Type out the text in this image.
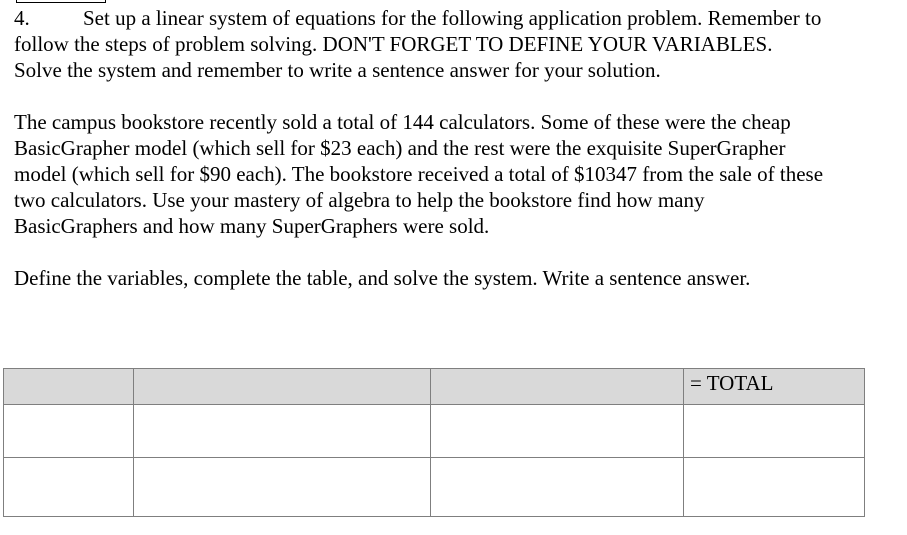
4.	Set up a linear system of equations for the following application problem. Remember to
follow the steps of problem solving. DON'T FORGET TO DEFINE YOUR VARIABLES.
Solve the system and remember to write a sentence answer for your solution.
The campus bookstore recently sold a total of 144 calculators. Some of these were the cheap
BasicGrapher model (which sell for $23 each) and the rest were the exquisite SuperGrapher
model (which sell for $90 each). The bookstore received a total of $10347 from the sale of these
two calculators. Use your mastery of algebra to help the bookstore find how many
BasicGraphers and how many SuperGraphers were sold.
Define the variables, complete the table, and solve the system. Write a sentence answer.
			= TOTAL
